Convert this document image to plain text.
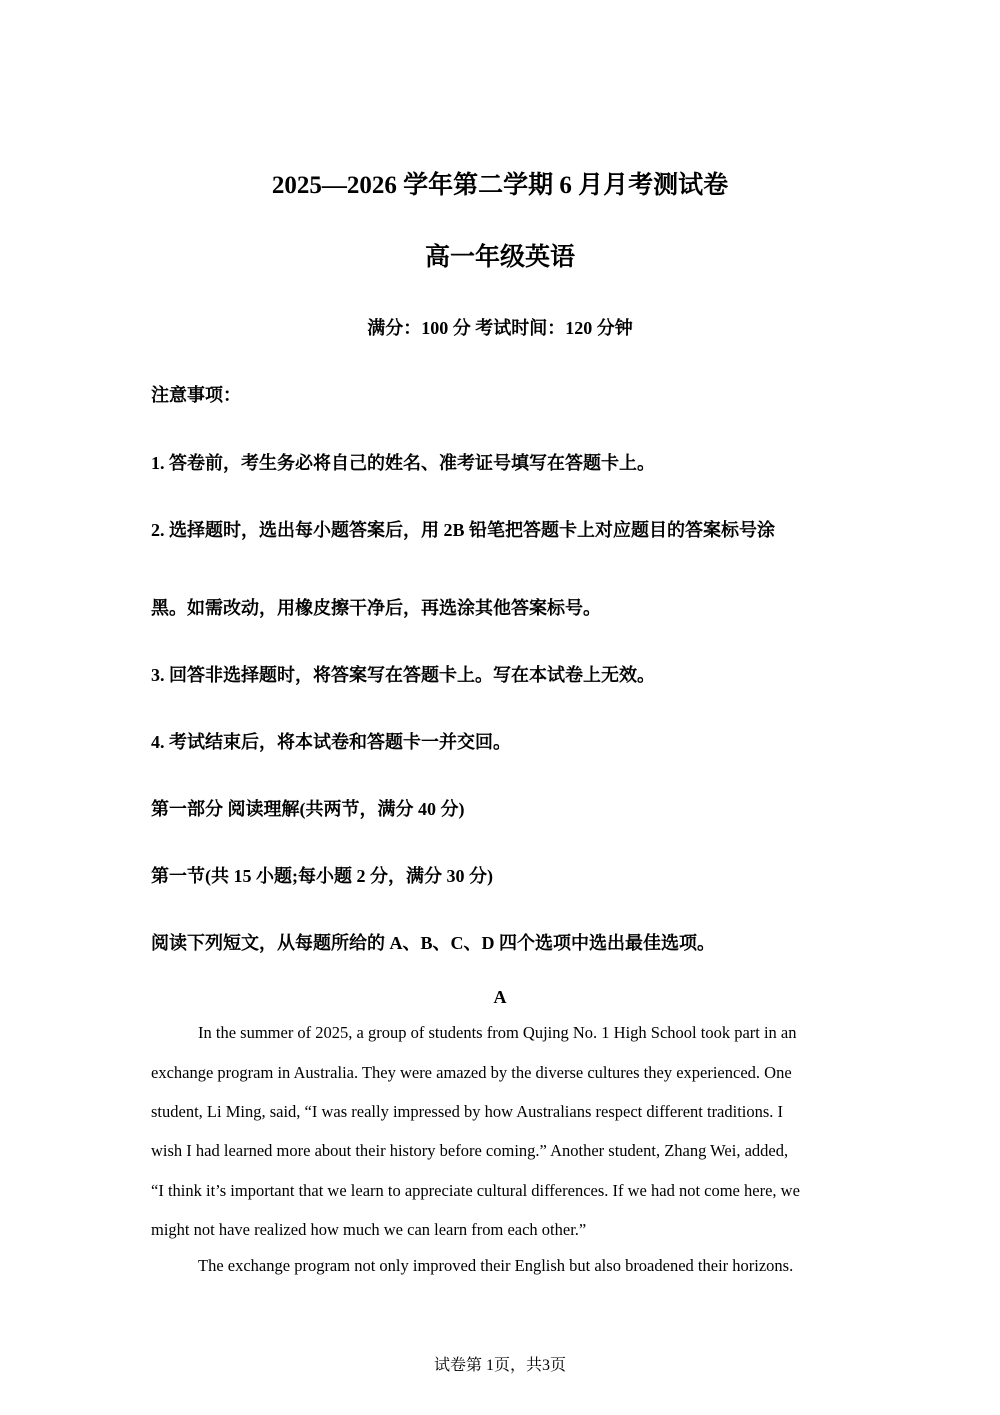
2025—2026 学年第二学期 6 月月考测试卷
高一年级英语
满分：100 分 考试时间：120 分钟
注意事项：
1. 答卷前，考生务必将自己的姓名、准考证号填写在答题卡上。
2. 选择题时，选出每小题答案后，用 2B 铅笔把答题卡上对应题目的答案标号涂
黑。如需改动，用橡皮擦干净后，再选涂其他答案标号。
3. 回答非选择题时，将答案写在答题卡上。写在本试卷上无效。
4. 考试结束后，将本试卷和答题卡一并交回。
第一部分 阅读理解(共两节，满分 40 分)
第一节(共 15 小题;每小题 2 分，满分 30 分)
阅读下列短文，从每题所给的 A、B、C、D 四个选项中选出最佳选项。
A
In the summer of 2025, a group of students from Qujing No. 1 High School took part in an
exchange program in Australia. They were amazed by the diverse cultures they experienced. One
student, Li Ming, said, “I was really impressed by how Australians respect different traditions. I
wish I had learned more about their history before coming.” Another student, Zhang Wei, added,
“I think it’s important that we learn to appreciate cultural differences. If we had not come here, we
might not have realized how much we can learn from each other.”
The exchange program not only improved their English but also broadened their horizons.
试卷第 1页，共3页
